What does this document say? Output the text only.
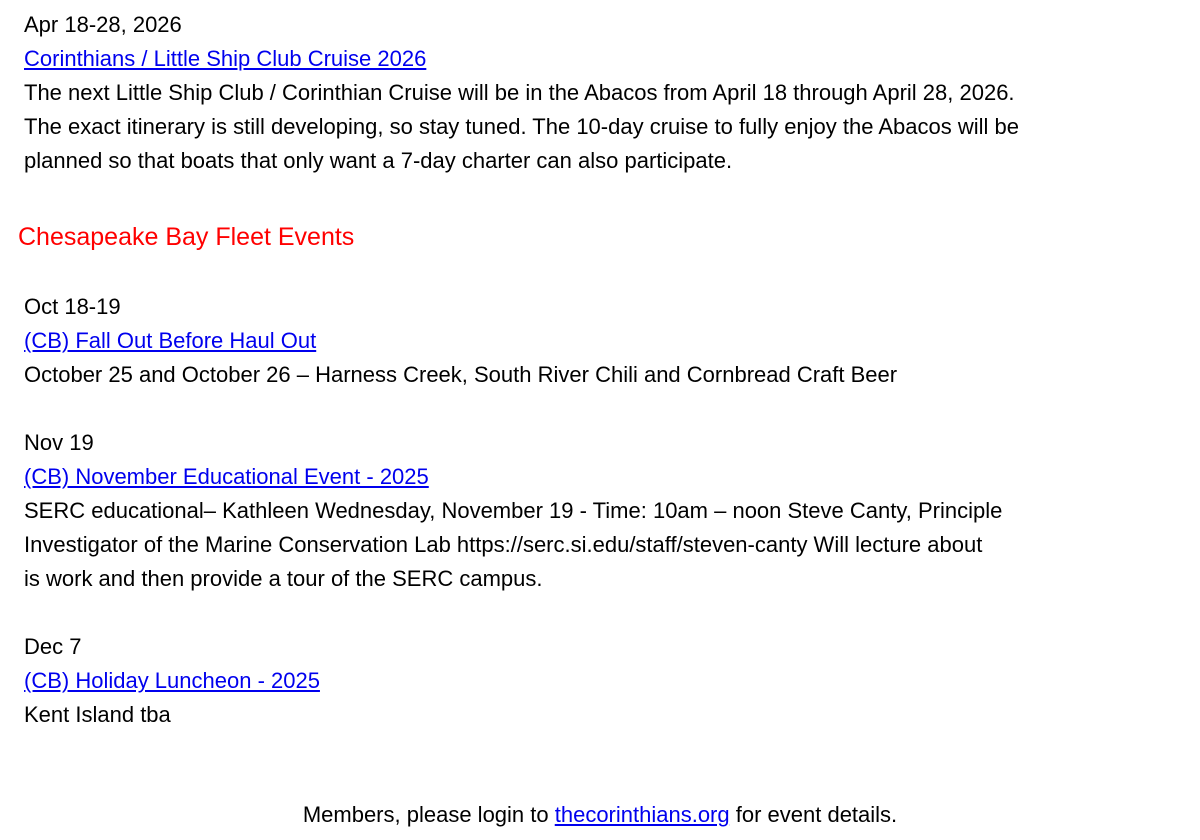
Apr 18-28, 2026
Corinthians / Little Ship Club Cruise 2026
The next Little Ship Club / Corinthian Cruise will be in the Abacos from April 18 through April 28, 2026.
The exact itinerary is still developing, so stay tuned. The 10-day cruise to fully enjoy the Abacos will be
planned so that boats that only want a 7-day charter can also participate.
Chesapeake Bay Fleet Events
Oct 18-19
(CB) Fall Out Before Haul Out
October 25 and October 26 – Harness Creek, South River Chili and Cornbread Craft Beer
Nov 19
(CB) November Educational Event - 2025
SERC educational– Kathleen Wednesday, November 19 - Time: 10am – noon Steve Canty, Principle
Investigator of the Marine Conservation Lab https://serc.si.edu/staff/steven-canty Will lecture about
is work and then provide a tour of the SERC campus.
Dec 7
(CB) Holiday Luncheon - 2025
Kent Island tba
Members, please login to thecorinthians.org for event details.
